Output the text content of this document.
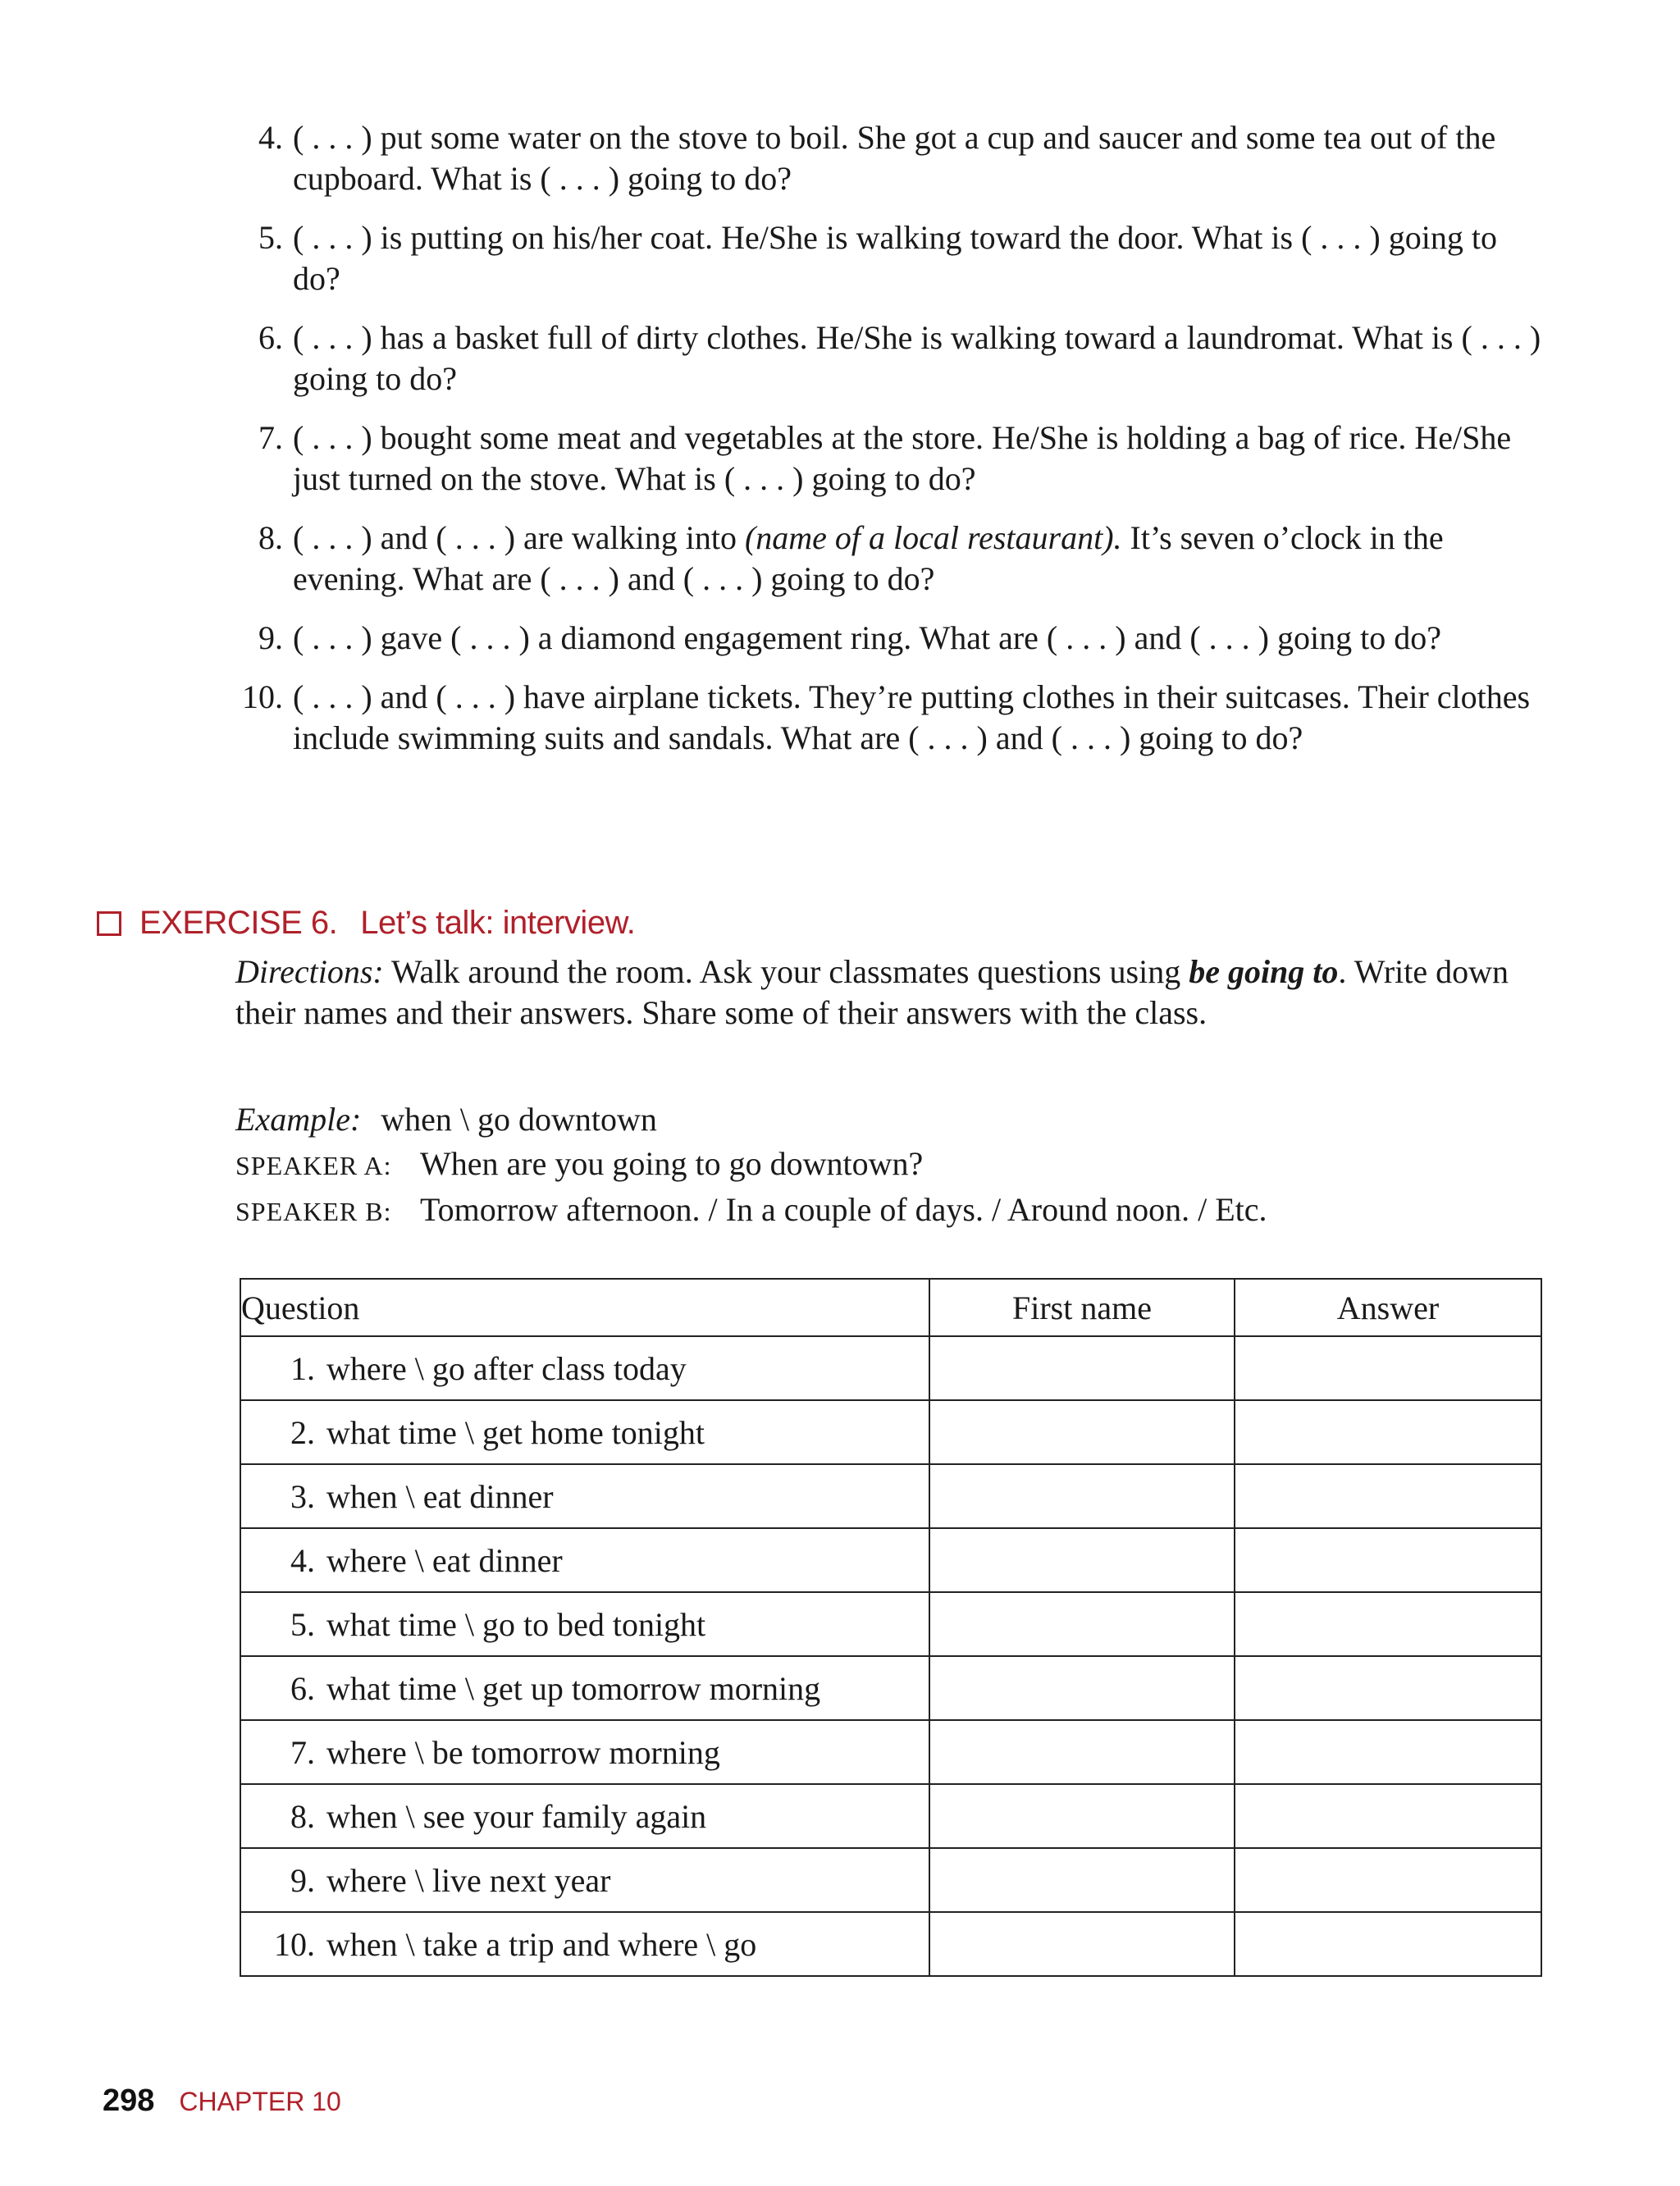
4. ( . . . ) put some water on the stove to boil. She got a cup and saucer and some tea out of the cupboard. What is ( . . . ) going to do?
5. ( . . . ) is putting on his/her coat. He/She is walking toward the door. What is ( . . . ) going to do?
6. ( . . . ) has a basket full of dirty clothes. He/She is walking toward a laundromat. What is ( . . . ) going to do?
7. ( . . . ) bought some meat and vegetables at the store. He/She is holding a bag of rice. He/She just turned on the stove. What is ( . . . ) going to do?
8. ( . . . ) and ( . . . ) are walking into (name of a local restaurant). It’s seven o’clock in the evening. What are ( . . . ) and ( . . . ) going to do?
9. ( . . . ) gave ( . . . ) a diamond engagement ring. What are ( . . . ) and ( . . . ) going to do?
10. ( . . . ) and ( . . . ) have airplane tickets. They’re putting clothes in their suitcases. Their clothes include swimming suits and sandals. What are ( . . . ) and ( . . . ) going to do?
EXERCISE 6. Let’s talk: interview.
Directions: Walk around the room. Ask your classmates questions using be going to. Write down their names and their answers. Share some of their answers with the class.
Example: when \ go downtown
SPEAKER A: When are you going to go downtown?
SPEAKER B: Tomorrow afternoon. / In a couple of days. / Around noon. / Etc.
Question	First name	Answer

1. where \ go after class today		

2. what time \ get home tonight		

3. when \ eat dinner		

4. where \ eat dinner		

5. what time \ go to bed tonight		

6. what time \ get up tomorrow morning		

7. where \ be tomorrow morning		

8. when \ see your family again		

9. where \ live next year		

10. when \ take a trip and where \ go		

298 CHAPTER 10
